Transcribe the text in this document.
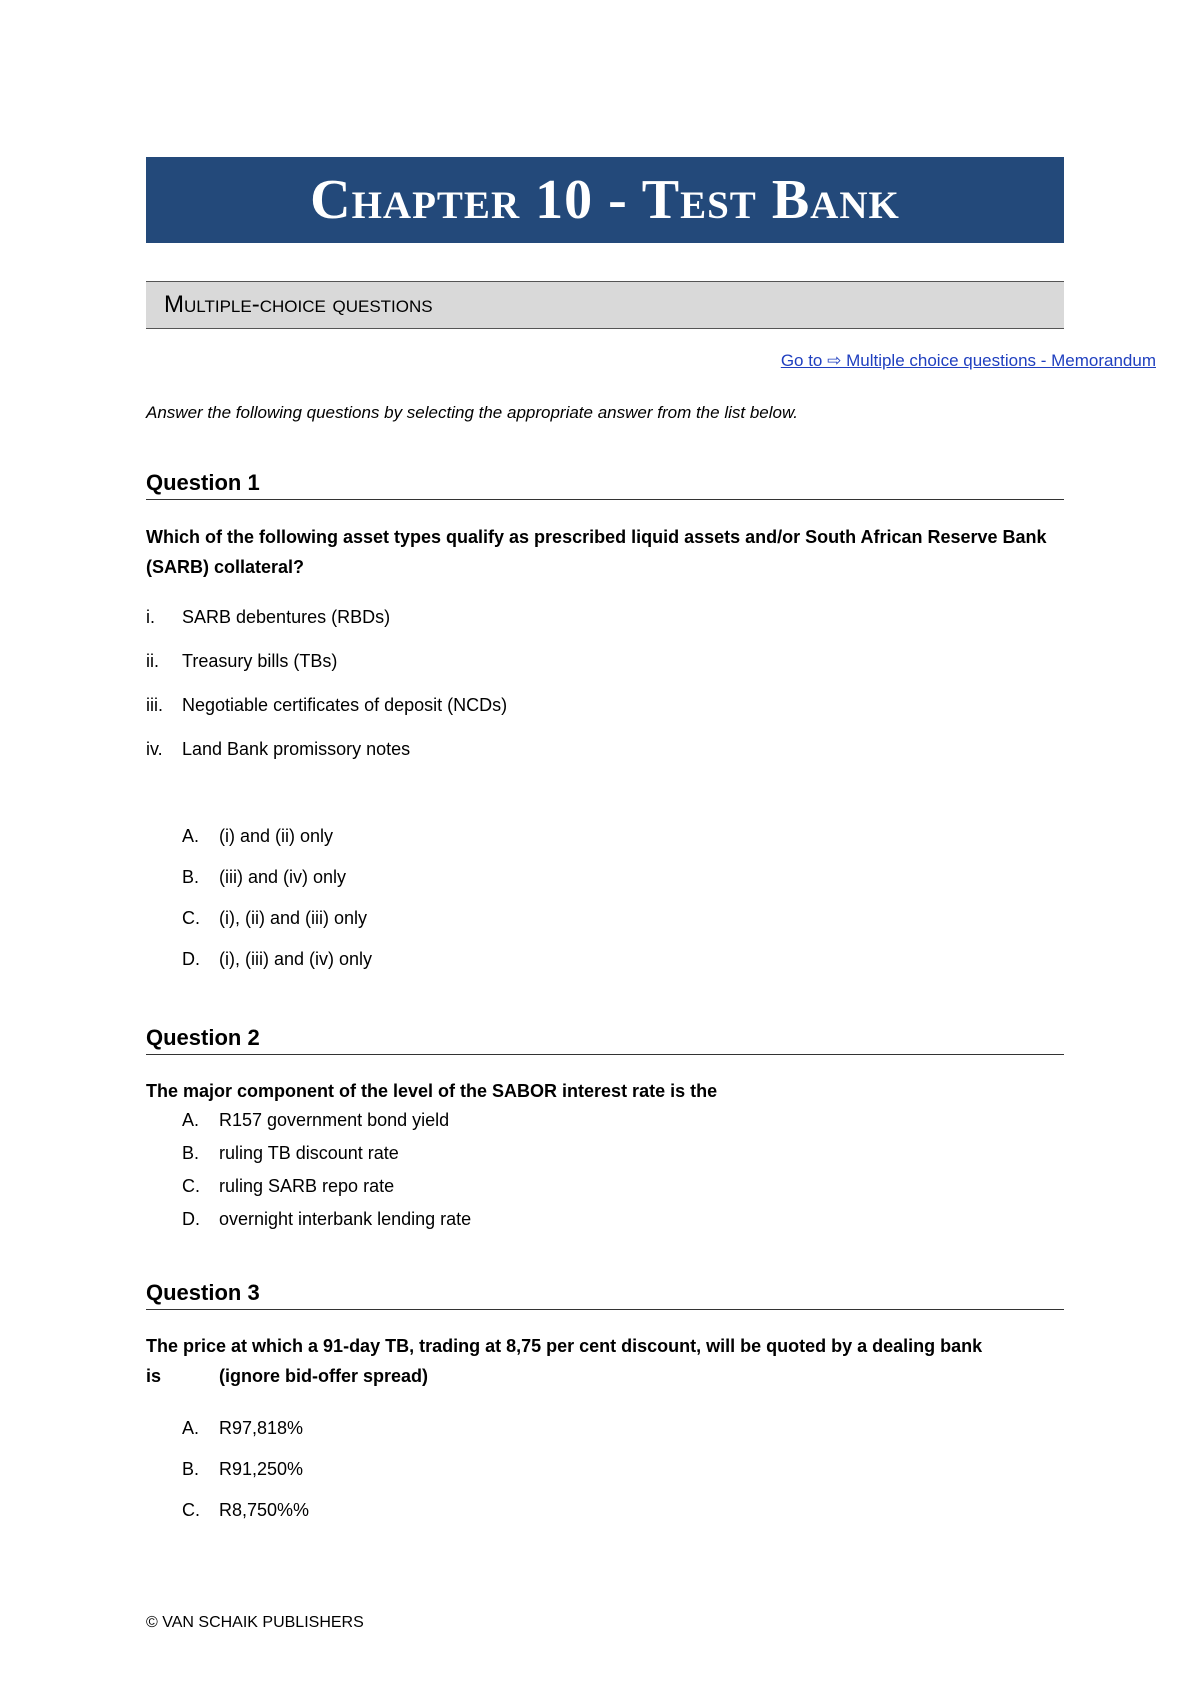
Chapter 10 - Test Bank
Multiple-choice questions
Go to ⇨ Multiple choice questions - Memorandum
Answer the following questions by selecting the appropriate answer from the list below.
Question 1
Which of the following asset types qualify as prescribed liquid assets and/or South African Reserve Bank (SARB) collateral?
i. SARB debentures (RBDs)
ii. Treasury bills (TBs)
iii. Negotiable certificates of deposit (NCDs)
iv. Land Bank promissory notes
A. (i) and (ii) only
B. (iii) and (iv) only
C. (i), (ii) and (iii) only
D. (i), (iii) and (iv) only
Question 2
The major component of the level of the SABOR interest rate is the
A. R157 government bond yield
B. ruling TB discount rate
C. ruling SARB repo rate
D. overnight interbank lending rate
Question 3
The price at which a 91-day TB, trading at 8,75 per cent discount, will be quoted by a dealing bank
is	(ignore bid-offer spread)
A. R97,818%
B. R91,250%
C. R8,750%%
© VAN SCHAIK PUBLISHERS
